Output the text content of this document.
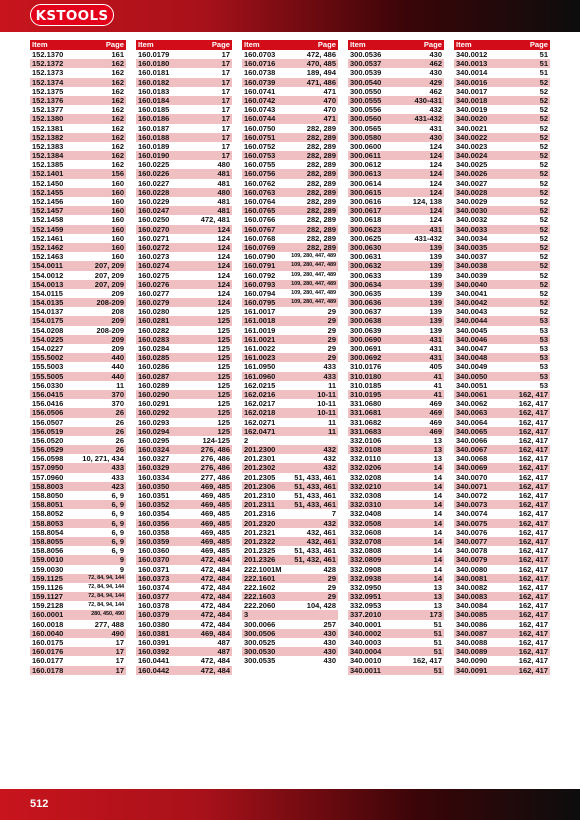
KSTOOLS
Item	Page
152.1370	161
152.1372	162
152.1373	162
152.1374	162
152.1375	162
152.1376	162
152.1377	162
152.1380	162
152.1381	162
152.1382	162
152.1383	162
152.1384	162
152.1385	162
152.1401	156
152.1450	160
152.1455	160
152.1456	160
152.1457	160
152.1458	160
152.1459	160
152.1461	160
152.1462	160
152.1463	160
154.0011	207, 209
154.0012	207, 209
154.0013	207, 209
154.0115	209
154.0135	208-209
154.0137	208
154.0175	209
154.0208	208-209
154.0225	209
154.0227	209
155.5002	440
155.5003	440
155.5005	440
156.0330	11
156.0415	370
156.0416	370
156.0506	26
156.0507	26
156.0519	26
156.0520	26
156.0529	26
156.0598	10, 271, 434
157.0950	433
157.0960	433
158.8003	423
158.8050	6, 9
158.8051	6, 9
158.8052	6, 9
158.8053	6, 9
158.8054	6, 9
158.8055	6, 9
158.8056	6, 9
159.0010	9
159.0030	9
159.1125	72, 84, 94, 144
159.1126	72, 84, 94, 144
159.1127	72, 84, 94, 144
159.2128	72, 84, 94, 144
160.0001	280, 450, 490
160.0018	277, 488
160.0040	490
160.0175	17
160.0176	17
160.0177	17
160.0178	17
Item	Page
160.0179	17
160.0180	17
160.0181	17
160.0182	17
160.0183	17
160.0184	17
160.0185	17
160.0186	17
160.0187	17
160.0188	17
160.0189	17
160.0190	17
160.0225	480
160.0226	481
160.0227	481
160.0228	480
160.0229	481
160.0247	481
160.0250	472, 481
160.0270	124
160.0271	124
160.0272	124
160.0273	124
160.0274	124
160.0275	124
160.0276	124
160.0277	124
160.0279	124
160.0280	125
160.0281	125
160.0282	125
160.0283	125
160.0284	125
160.0285	125
160.0286	125
160.0287	125
160.0289	125
160.0290	125
160.0291	125
160.0292	125
160.0293	125
160.0294	125
160.0295	124-125
160.0324	276, 486
160.0327	276, 486
160.0329	276, 486
160.0334	277, 486
160.0350	469, 485
160.0351	469, 485
160.0352	469, 485
160.0354	469, 485
160.0356	469, 485
160.0358	469, 485
160.0359	469, 485
160.0360	469, 485
160.0370	472, 484
160.0371	472, 484
160.0373	472, 484
160.0374	472, 484
160.0377	472, 484
160.0378	472, 484
160.0379	472, 484
160.0380	472, 484
160.0381	469, 484
160.0391	487
160.0392	487
160.0441	472, 484
160.0442	472, 484
Item	Page
160.0703	472, 486
160.0716	470, 485
160.0738	189, 494
160.0739	471, 486
160.0741	471
160.0742	470
160.0743	470
160.0744	471
160.0750	282, 289
160.0751	282, 289
160.0752	282, 289
160.0753	282, 289
160.0755	282, 289
160.0756	282, 289
160.0762	282, 289
160.0763	282, 289
160.0764	282, 289
160.0765	282, 289
160.0766	282, 289
160.0767	282, 289
160.0768	282, 289
160.0769	282, 289
160.0790	109, 280, 447, 489
160.0791	109, 280, 447, 489
160.0792	109, 280, 447, 489
160.0793	109, 280, 447, 489
160.0794	109, 280, 447, 489
160.0795	109, 280, 447, 489
161.0017	29
161.0018	29
161.0019	29
161.0021	29
161.0022	29
161.0023	29
161.0950	433
161.0960	433
162.0215	11
162.0216	10-11
162.0217	10-11
162.0218	10-11
162.0271	11
162.0471	11
2
201.2300	432
201.2301	432
201.2302	432
201.2305	51, 433, 461
201.2306	51, 433, 461
201.2310	51, 433, 461
201.2311	51, 433, 461
201.2316	7
201.2320	432
201.2321	432, 461
201.2322	432, 461
201.2325	51, 433, 461
201.2326	51, 432, 461
222.1001M	428
222.1601	29
222.1602	29
222.1603	29
222.2060	104, 428
3
300.0066	257
300.0506	430
300.0525	430
300.0530	430
300.0535	430
Item	Page
300.0536	430
300.0537	462
300.0539	430
300.0540	429
300.0550	462
300.0555	430-431
300.0556	432
300.0560	431-432
300.0565	431
300.0580	430
300.0600	124
300.0611	124
300.0612	124
300.0613	124
300.0614	124
300.0615	124
300.0616	124, 138
300.0617	124
300.0618	124
300.0623	431
300.0625	431-432
300.0630	139
300.0631	139
300.0632	139
300.0633	139
300.0634	139
300.0635	139
300.0636	139
300.0637	139
300.0638	139
300.0639	139
300.0690	431
300.0691	431
300.0692	431
310.0176	405
310.0180	41
310.0185	41
310.0195	41
331.0680	469
331.0681	469
331.0682	469
331.0683	469
332.0106	13
332.0108	13
332.0110	13
332.0206	14
332.0208	14
332.0210	14
332.0308	14
332.0310	14
332.0408	14
332.0508	14
332.0608	14
332.0708	14
332.0808	14
332.0809	14
332.0908	14
332.0938	14
332.0950	13
332.0951	13
332.0953	13
337.2010	173
340.0001	51
340.0002	51
340.0003	51
340.0004	51
340.0010	162, 417
340.0011	51
Item	Page
340.0012	51
340.0013	51
340.0014	51
340.0016	52
340.0017	52
340.0018	52
340.0019	52
340.0020	52
340.0021	52
340.0022	52
340.0023	52
340.0024	52
340.0025	52
340.0026	52
340.0027	52
340.0028	52
340.0029	52
340.0030	52
340.0032	52
340.0033	52
340.0034	52
340.0035	52
340.0037	52
340.0038	52
340.0039	52
340.0040	52
340.0041	52
340.0042	52
340.0043	52
340.0044	53
340.0045	53
340.0046	53
340.0047	53
340.0048	53
340.0049	53
340.0050	53
340.0051	53
340.0061	162, 417
340.0062	162, 417
340.0063	162, 417
340.0064	162, 417
340.0065	162, 417
340.0066	162, 417
340.0067	162, 417
340.0068	162, 417
340.0069	162, 417
340.0070	162, 417
340.0071	162, 417
340.0072	162, 417
340.0073	162, 417
340.0074	162, 417
340.0075	162, 417
340.0076	162, 417
340.0077	162, 417
340.0078	162, 417
340.0079	162, 417
340.0080	162, 417
340.0081	162, 417
340.0082	162, 417
340.0083	162, 417
340.0084	162, 417
340.0085	162, 417
340.0086	162, 417
340.0087	162, 417
340.0088	162, 417
340.0089	162, 417
340.0090	162, 417
340.0091	162, 417
512
